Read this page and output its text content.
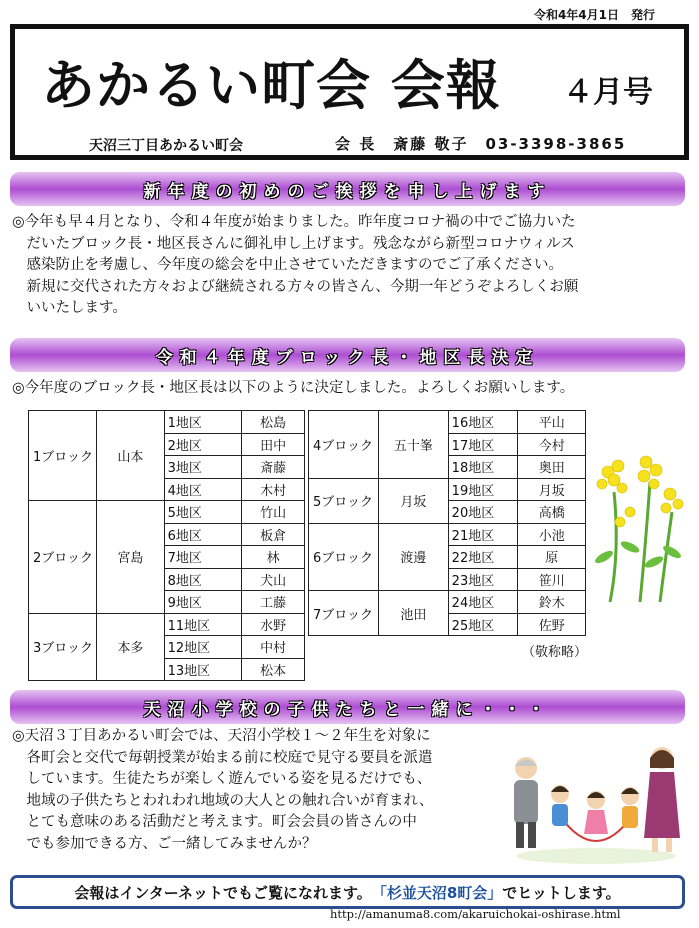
令和4年4月1日　発行
あかるい町会 会報 ４月号
天沼三丁目あかるい町会	会 長　斎藤 敬子　03-3398-3865
新年度の初めのご挨拶を申し上げます
◎今年も早４月となり、令和４年度が始まりました。昨年度コロナ禍の中でご協力いた
　だいたブロック長・地区長さんに御礼申し上げます。残念ながら新型コロナウィルス
　感染防止を考慮し、今年度の総会を中止させていただきますのでご了承ください。
　新規に交代された方々および継続される方々の皆さん、今期一年どうぞよろしくお願
　いいたします。
令和４年度ブロック長・地区長決定
◎今年度のブロック長・地区長は以下のように決定しました。よろしくお願いします。
1ブロック	山本	1地区	松島
		2地区	田中
		3地区	斎藤
		4地区	木村
2ブロック	宮島	5地区	竹山
		6地区	板倉
		7地区	林
		8地区	犬山
		9地区	工藤
3ブロック	本多	11地区	水野
		12地区	中村
		13地区	松本
4ブロック	五十峯	16地区	平山
		17地区	今村
		18地区	奥田
5ブロック	月坂	19地区	月坂
		20地区	高橋
6ブロック	渡邊	21地区	小池
		22地区	原
		23地区	笹川
7ブロック	池田	24地区	鈴木
		25地区	佐野
（敬称略）
天沼小学校の子供たちと一緒に・・・
◎天沼３丁目あかるい町会では、天沼小学校１～２年生を対象に
　各町会と交代で毎朝授業が始まる前に校庭で見守る要員を派遣
　しています。生徒たちが楽しく遊んでいる姿を見るだけでも、
　地域の子供たちとわれわれ地域の大人との触れ合いが育まれ、
　とても意味のある活動だと考えます。町会会員の皆さんの中
　でも参加できる方、ご一緒してみませんか？
会報はインターネットでもご覧になれます。 「杉並天沼8町会」 でヒットします。
http://amanuma8.com/akaruichokai-oshirase.html
